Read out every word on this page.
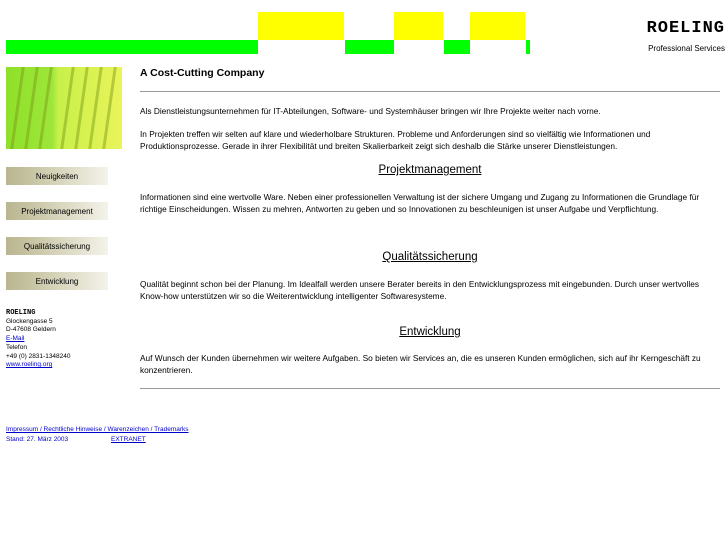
ROELING
Professional Services
Neuigkeiten
Projektmanagement
Qualitätssicherung
Entwicklung
ROELING
Glockengasse 5
D-47608 Geldern
E-Mail
Telefon
+49 (0) 2831-1348240
www.roeling.org
A Cost-Cutting Company
Als Dienstleistungsunternehmen für IT-Abteilungen, Software- und Systemhäuser bringen wir Ihre Projekte weiter nach vorne.
In Projekten treffen wir selten auf klare und wiederholbare Strukturen. Probleme und Anforderungen sind so vielfältig wie Informationen und Produktionsprozesse. Gerade in ihrer Flexibilität und breiten Skalierbarkeit zeigt sich deshalb die Stärke unserer Dienstleistungen.
Projektmanagement
Informationen sind eine wertvolle Ware. Neben einer professionellen Verwaltung ist der sichere Umgang und Zugang zu Informationen die Grundlage für richtige Einscheidungen. Wissen zu mehren, Antworten zu geben und so Innovationen zu beschleunigen ist unser Aufgabe und Verpflichtung.
Qualitätssicherung
Qualität beginnt schon bei der Planung. Im Idealfall werden unsere Berater bereits in den Entwicklungsprozess mit eingebunden. Durch unser wertvolles Know-how unterstützen wir so die Weiterentwicklung intelligenter Softwaresysteme.
Entwicklung
Auf Wunsch der Kunden übernehmen wir weitere Aufgaben. So bieten wir Services an, die es unseren Kunden ermöglichen, sich auf ihr Kerngeschäft zu konzentrieren.
Impressum / Rechtliche Hinweise / Warenzeichen / Trademarks
Stand: 27. März 2003	EXTRANET
